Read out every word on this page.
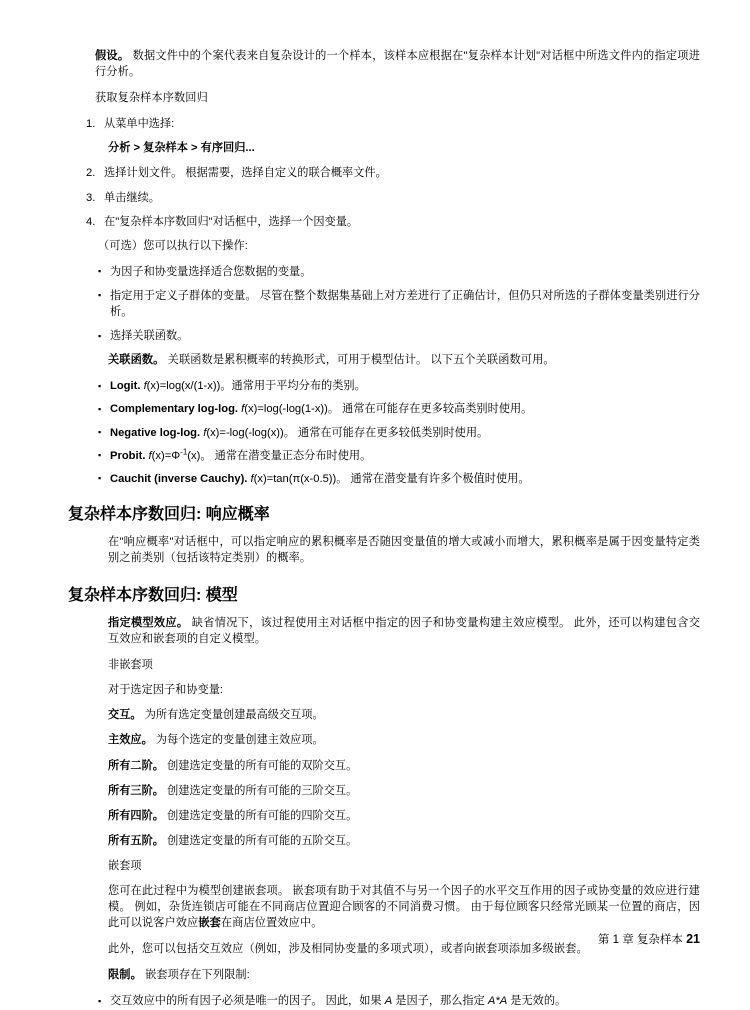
假设。 数据文件中的个案代表来自复杂设计的一个样本，该样本应根据在"复杂样本计划"对话框中所选文件内的指定项进行分析。

获取复杂样本序数回归

1. 从菜单中选择:

分析 > 复杂样本 > 有序回归...

2. 选择计划文件。 根据需要，选择自定义的联合概率文件。
3. 单击继续。
4. 在"复杂样本序数回归"对话框中，选择一个因变量。

（可选）您可以执行以下操作:

▪ 为因子和协变量选择适合您数据的变量。
▪ 指定用于定义子群体的变量。 尽管在整个数据集基础上对方差进行了正确估计，但仍只对所选的子群体变量类别进行分析。
▪ 选择关联函数。

关联函数。 关联函数是累积概率的转换形式，可用于模型估计。 以下五个关联函数可用。

▪ Logit. f(x)=log(x/(1-x))。通常用于平均分布的类别。
▪ Complementary log-log. f(x)=log(-log(1-x))。 通常在可能存在更多较高类别时使用。
▪ Negative log-log. f(x)=-log(-log(x))。 通常在可能存在更多较低类别时使用。
▪ Probit. $f(x)=\Phi^{-1}(x)$。 通常在潜变量正态分布时使用。
▪ Cauchit (inverse Cauchy). f(x)=tan(π(x-0.5))。 通常在潜变量有许多个极值时使用。
复杂样本序数回归: 响应概率

在"响应概率"对话框中，可以指定响应的累积概率是否随因变量值的增大或减小而增大，累积概率是属于因变量特定类别之前类别（包括该特定类别）的概率。

复杂样本序数回归: 模型

指定模型效应。 缺省情况下，该过程使用主对话框中指定的因子和协变量构建主效应模型。 此外，还可以构建包含交互效应和嵌套项的自定义模型。

非嵌套项

对于选定因子和协变量:

交互。 为所有选定变量创建最高级交互项。

主效应。 为每个选定的变量创建主效应项。

所有二阶。 创建选定变量的所有可能的双阶交互。

所有三阶。 创建选定变量的所有可能的三阶交互。

所有四阶。 创建选定变量的所有可能的四阶交互。

所有五阶。 创建选定变量的所有可能的五阶交互。

嵌套项

您可在此过程中为模型创建嵌套项。 嵌套项有助于对其值不与另一个因子的水平交互作用的因子或协变量的效应进行建模。 例如，杂货连锁店可能在不同商店位置迎合顾客的不同消费习惯。 由于每位顾客只经常光顾某一位置的商店，因此可以说客户效应嵌套在商店位置效应中。

此外，您可以包括交互效应（例如，涉及相同协变量的多项式项），或者向嵌套项添加多级嵌套。

限制。 嵌套项存在下列限制:

▪ 交互效应中的所有因子必须是唯一的因子。 因此，如果 A 是因子，那么指定 A*A 是无效的。
第 1 章 复杂样本 21
